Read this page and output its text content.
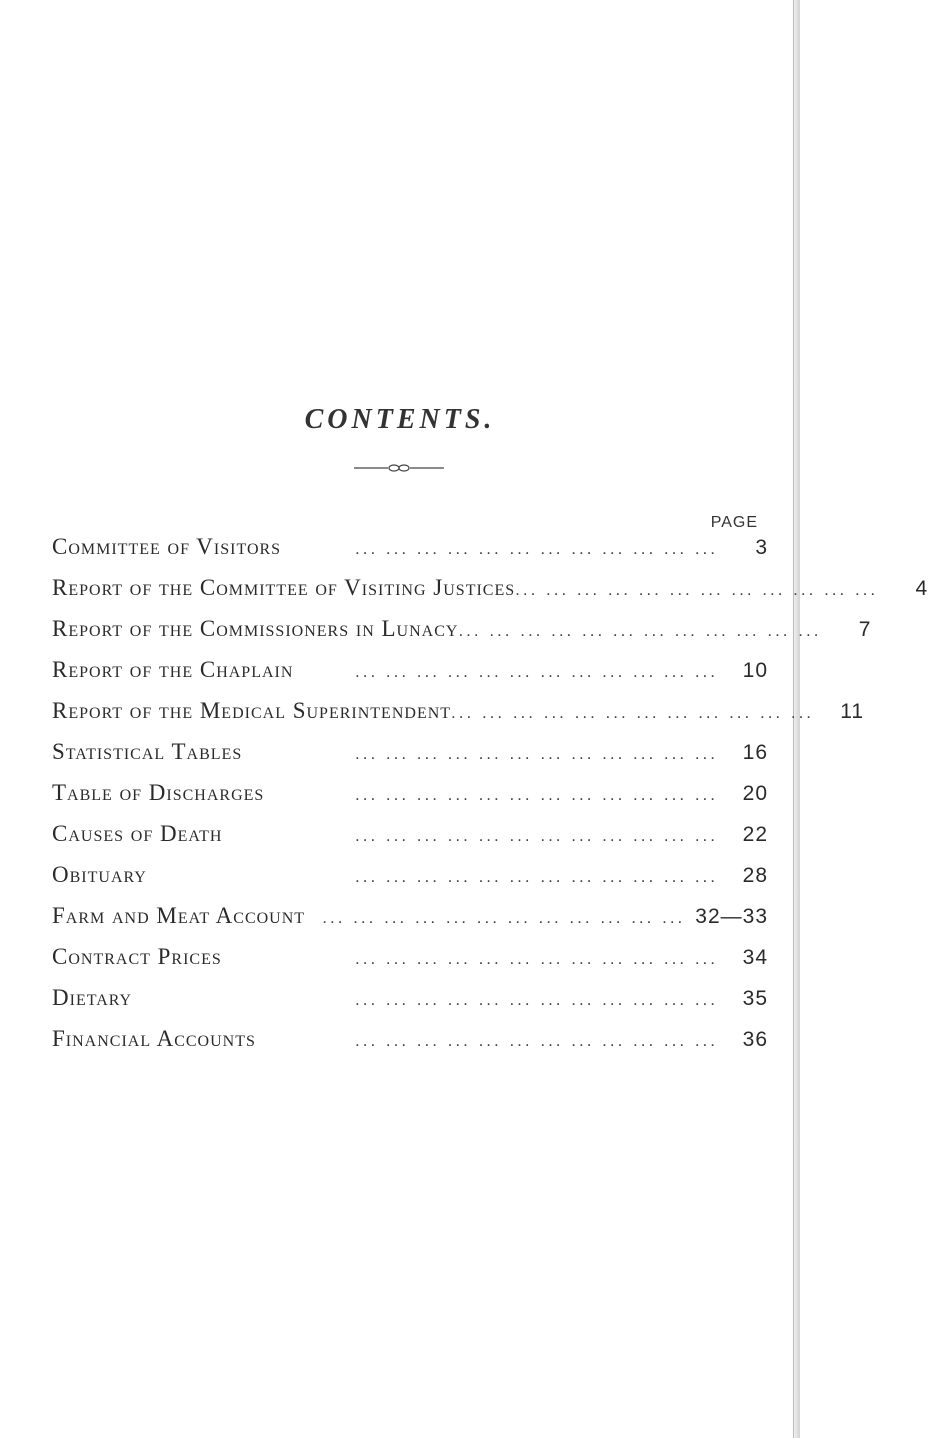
CONTENTS.
PAGE
Committee of Visitors	... ... ... ... ... ... ... ... ... ... ... ...	3
Report of the Committee of Visiting Justices ... ... ... ... ... ... ... ... ... ... ... ...	4
Report of the Commissioners in Lunacy ... ... ... ... ... ... ... ... ... ... ... ...	7
Report of the Chaplain	... ... ... ... ... ... ... ... ... ... ... ...	10
Report of the Medical Superintendent ... ... ... ... ... ... ... ... ... ... ... ...	11
Statistical Tables	... ... ... ... ... ... ... ... ... ... ... ...	16
Table of Discharges	... ... ... ... ... ... ... ... ... ... ... ...	20
Causes of Death	... ... ... ... ... ... ... ... ... ... ... ...	22
Obituary	... ... ... ... ... ... ... ... ... ... ... ...	28
Farm and Meat Account	... ... ... ... ... ... ... ... ... ... ... ... 32—33
Contract Prices	... ... ... ... ... ... ... ... ... ... ... ...	34
Dietary	... ... ... ... ... ... ... ... ... ... ... ...	35
Financial Accounts	... ... ... ... ... ... ... ... ... ... ... ...	36
